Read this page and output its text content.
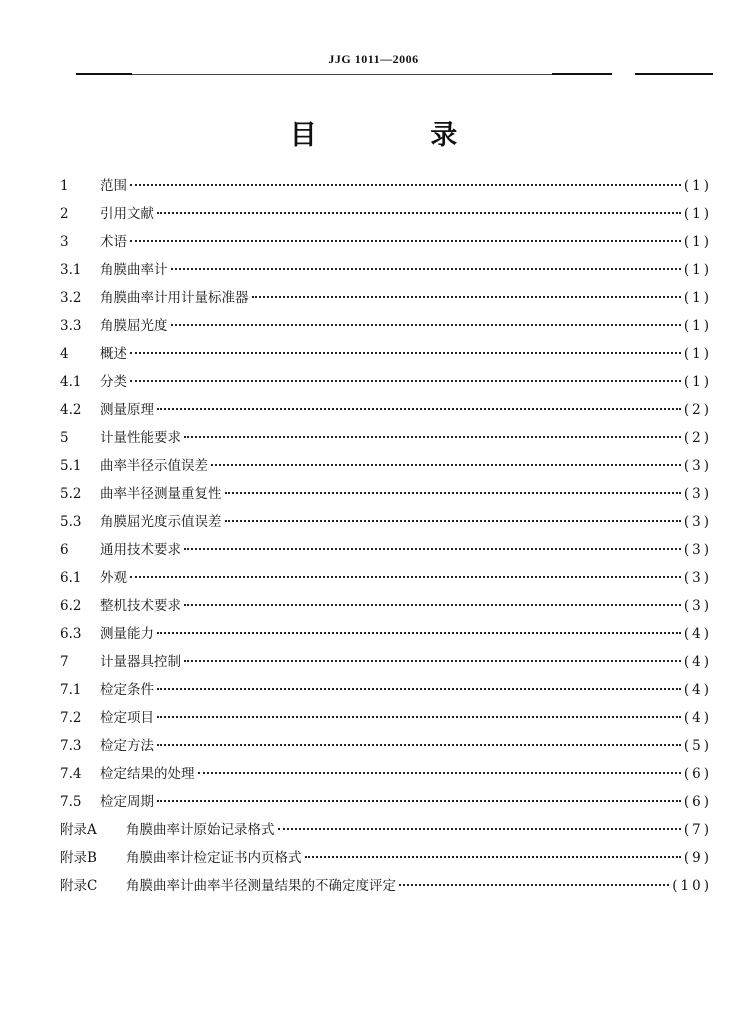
JJG 1011—2006
目 录
1	范围	(1)
2	引用文献	(1)
3	术语	(1)
3.1	角膜曲率计	(1)
3.2	角膜曲率计用计量标准器	(1)
3.3	角膜屈光度	(1)
4	概述	(1)
4.1	分类	(1)
4.2	测量原理	(2)
5	计量性能要求	(2)
5.1	曲率半径示值误差	(3)
5.2	曲率半径测量重复性	(3)
5.3	角膜屈光度示值误差	(3)
6	通用技术要求	(3)
6.1	外观	(3)
6.2	整机技术要求	(3)
6.3	测量能力	(4)
7	计量器具控制	(4)
7.1	检定条件	(4)
7.2	检定项目	(4)
7.3	检定方法	(5)
7.4	检定结果的处理	(6)
7.5	检定周期	(6)
附录A	角膜曲率计原始记录格式	(7)
附录B	角膜曲率计检定证书内页格式	(9)
附录C	角膜曲率计曲率半径测量结果的不确定度评定	(10)
